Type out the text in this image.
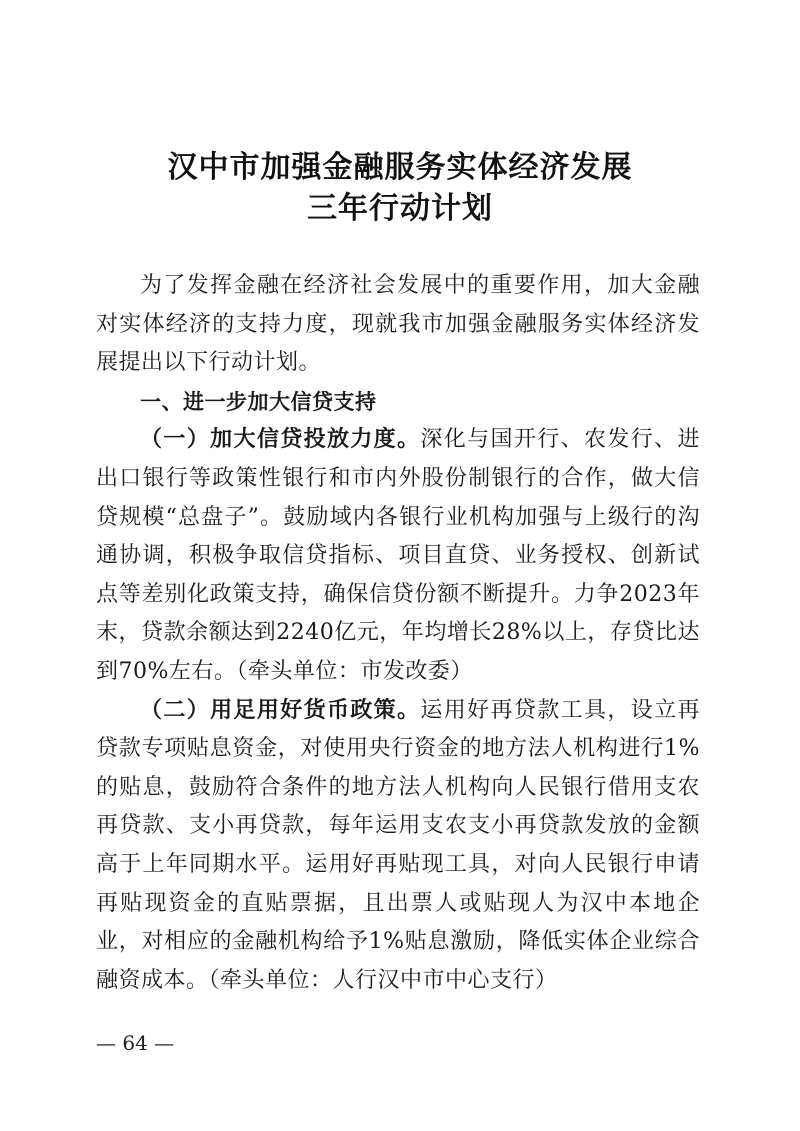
汉中市加强金融服务实体经济发展
三年行动计划

为了发挥金融在经济社会发展中的重要作用，加大金融对实体经济的支持力度，现就我市加强金融服务实体经济发展提出以下行动计划。

一、进一步加大信贷支持

（一）加大信贷投放力度。深化与国开行、农发行、进出口银行等政策性银行和市内外股份制银行的合作，做大信贷规模“总盘子”。鼓励域内各银行业机构加强与上级行的沟通协调，积极争取信贷指标、项目直贷、业务授权、创新试点等差别化政策支持，确保信贷份额不断提升。力争2023年末，贷款余额达到2240亿元，年均增长28%以上，存贷比达到70%左右。（牵头单位：市发改委）

（二）用足用好货币政策。运用好再贷款工具，设立再贷款专项贴息资金，对使用央行资金的地方法人机构进行1%的贴息，鼓励符合条件的地方法人机构向人民银行借用支农再贷款、支小再贷款，每年运用支农支小再贷款发放的金额高于上年同期水平。运用好再贴现工具，对向人民银行申请再贴现资金的直贴票据，且出票人或贴现人为汉中本地企业，对相应的金融机构给予1%贴息激励，降低实体企业综合融资成本。（牵头单位：人行汉中市中心支行）

— 64 —
